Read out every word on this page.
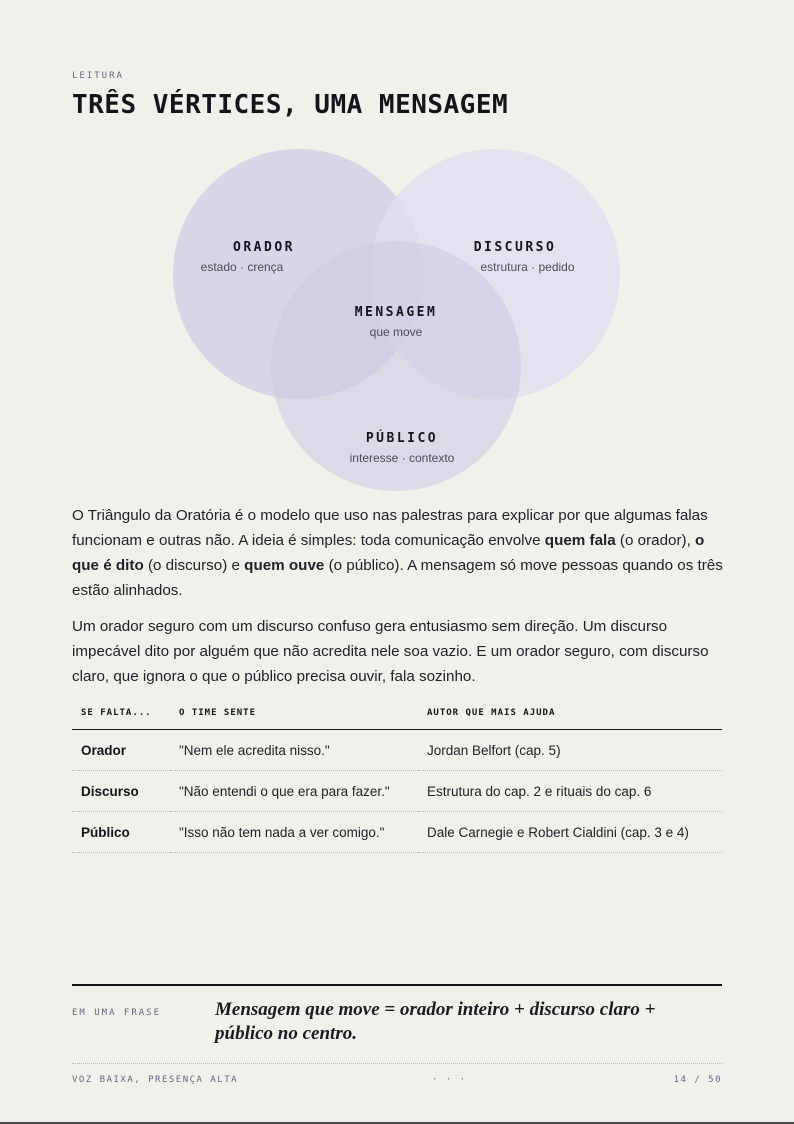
LEITURA
TRÊS VÉRTICES, UMA MENSAGEM
ORADOR
estado · crença
DISCURSO
estrutura · pedido
MENSAGEM
que move
PÚBLICO
interesse · contexto

O Triângulo da Oratória é o modelo que uso nas palestras para explicar por que algumas falas funcionam e outras não. A ideia é simples: toda comunicação envolve quem fala (o orador), o que é dito (o discurso) e quem ouve (o público). A mensagem só move pessoas quando os três estão alinhados.

Um orador seguro com um discurso confuso gera entusiasmo sem direção. Um discurso impecável dito por alguém que não acredita nele soa vazio. E um orador seguro, com discurso claro, que ignora o que o público precisa ouvir, fala sozinho.

SE FALTA...	O TIME SENTE	AUTOR QUE MAIS AJUDA
Orador	"Nem ele acredita nisso."	Jordan Belfort (cap. 5)
Discurso	"Não entendi o que era para fazer."	Estrutura do cap. 2 e rituais do cap. 6
Público	"Isso não tem nada a ver comigo."	Dale Carnegie e Robert Cialdini (cap. 3 e 4)
EM UMA FRASE	Mensagem que move = orador inteiro + discurso claro + público no centro.
VOZ BAIXA, PRESENÇA ALTA	· · ·	14 / 50
